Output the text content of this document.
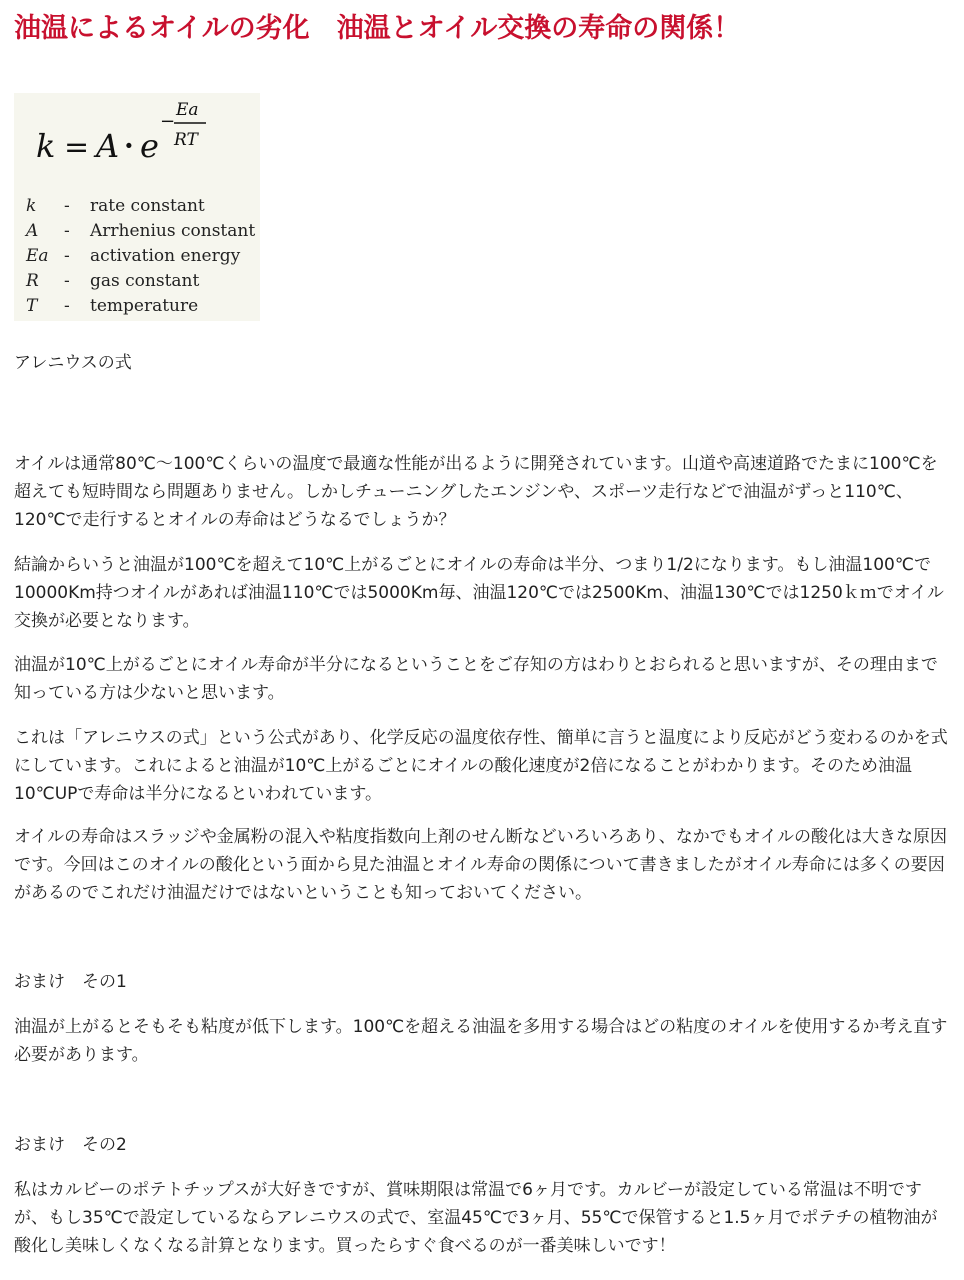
油温によるオイルの劣化　油温とオイル交換の寿命の関係！
k = A · e
−
Ea
RT
k - rate constant
A - Arrhenius constant
Ea - activation energy
R - gas constant
T - temperature

アレニウスの式

オイルは通常80℃〜100℃くらいの温度で最適な性能が出るように開発されています。山道や高速道路でたまに100℃を超えても短時間なら問題ありません。しかしチューニングしたエンジンや、スポーツ走行などで油温がずっと110℃、120℃で走行するとオイルの寿命はどうなるでしょうか？

結論からいうと油温が100℃を超えて10℃上がるごとにオイルの寿命は半分、つまり1/2になります。もし油温100℃で10000Km持つオイルがあれば油温110℃では5000Km毎、油温120℃では2500Km、油温130℃では1250ｋｍでオイル交換が必要となります。

油温が10℃上がるごとにオイル寿命が半分になるということをご存知の方はわりとおられると思いますが、その理由まで知っている方は少ないと思います。

これは「アレニウスの式」という公式があり、化学反応の温度依存性、簡単に言うと温度により反応がどう変わるのかを式にしています。これによると油温が10℃上がるごとにオイルの酸化速度が2倍になることがわかります。そのため油温10℃UPで寿命は半分になるといわれています。

オイルの寿命はスラッジや金属粉の混入や粘度指数向上剤のせん断などいろいろあり、なかでもオイルの酸化は大きな原因です。今回はこのオイルの酸化という面から見た油温とオイル寿命の関係について書きましたがオイル寿命には多くの要因があるのでこれだけ油温だけではないということも知っておいてください。

おまけ　その1

油温が上がるとそもそも粘度が低下します。100℃を超える油温を多用する場合はどの粘度のオイルを使用するか考え直す必要があります。

おまけ　その2

私はカルビーのポテトチップスが大好きですが、賞味期限は常温で6ヶ月です。カルビーが設定している常温は不明ですが、もし35℃で設定しているならアレニウスの式で、室温45℃で3ヶ月、55℃で保管すると1.5ヶ月でポテチの植物油が酸化し美味しくなくなる計算となります。買ったらすぐ食べるのが一番美味しいです！
